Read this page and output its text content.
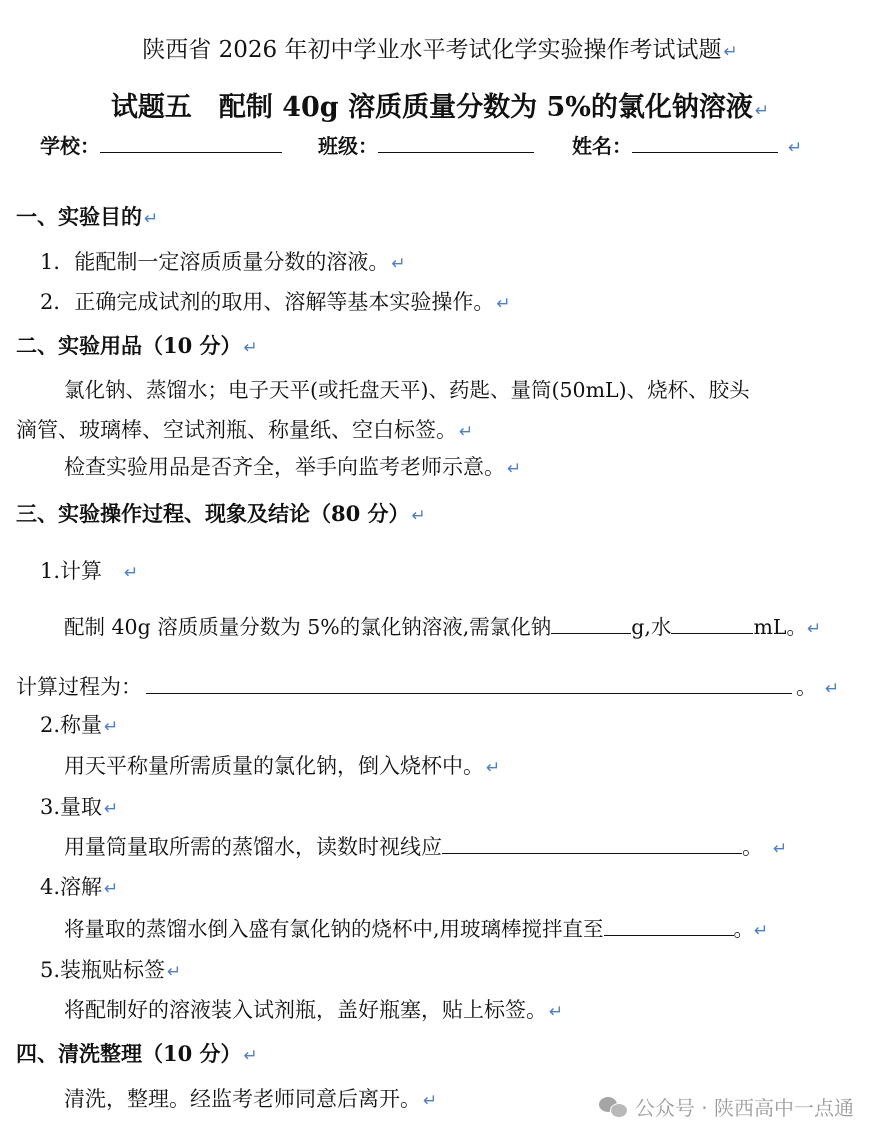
陕西省 2026 年初中学业水平考试化学实验操作考试试题 ↵
试题五　配制 40g 溶质质量分数为 5%的氯化钠溶液 ↵
学校：	班级：	姓名：	↵
一、实验目的 ↵
1．能配制一定溶质质量分数的溶液。 ↵
2．正确完成试剂的取用、溶解等基本实验操作。 ↵
二、实验用品（10 分） ↵
氯化钠、蒸馏水；电子天平(或托盘天平)、药匙、量筒(50mL)、烧杯、胶头
滴管、玻璃棒、空试剂瓶、称量纸、空白标签。 ↵
检查实验用品是否齐全，举手向监考老师示意。 ↵
三、实验操作过程、现象及结论（80 分） ↵
1.计算 ↵
配制 40g 溶质质量分数为 5%的氯化钠溶液,需氯化钠	g,水	mL。↵
计算过程为：	。 ↵
2.称量 ↵
用天平称量所需质量的氯化钠，倒入烧杯中。 ↵
3.量取 ↵
用量筒量取所需的蒸馏水，读数时视线应	。 ↵
4.溶解 ↵
将量取的蒸馏水倒入盛有氯化钠的烧杯中,用玻璃棒搅拌直至	。↵
5.装瓶贴标签 ↵
将配制好的溶液装入试剂瓶，盖好瓶塞，贴上标签。 ↵
四、清洗整理（10 分） ↵
清洗，整理。经监考老师同意后离开。 ↵	公众号 · 陕西高中一点通
